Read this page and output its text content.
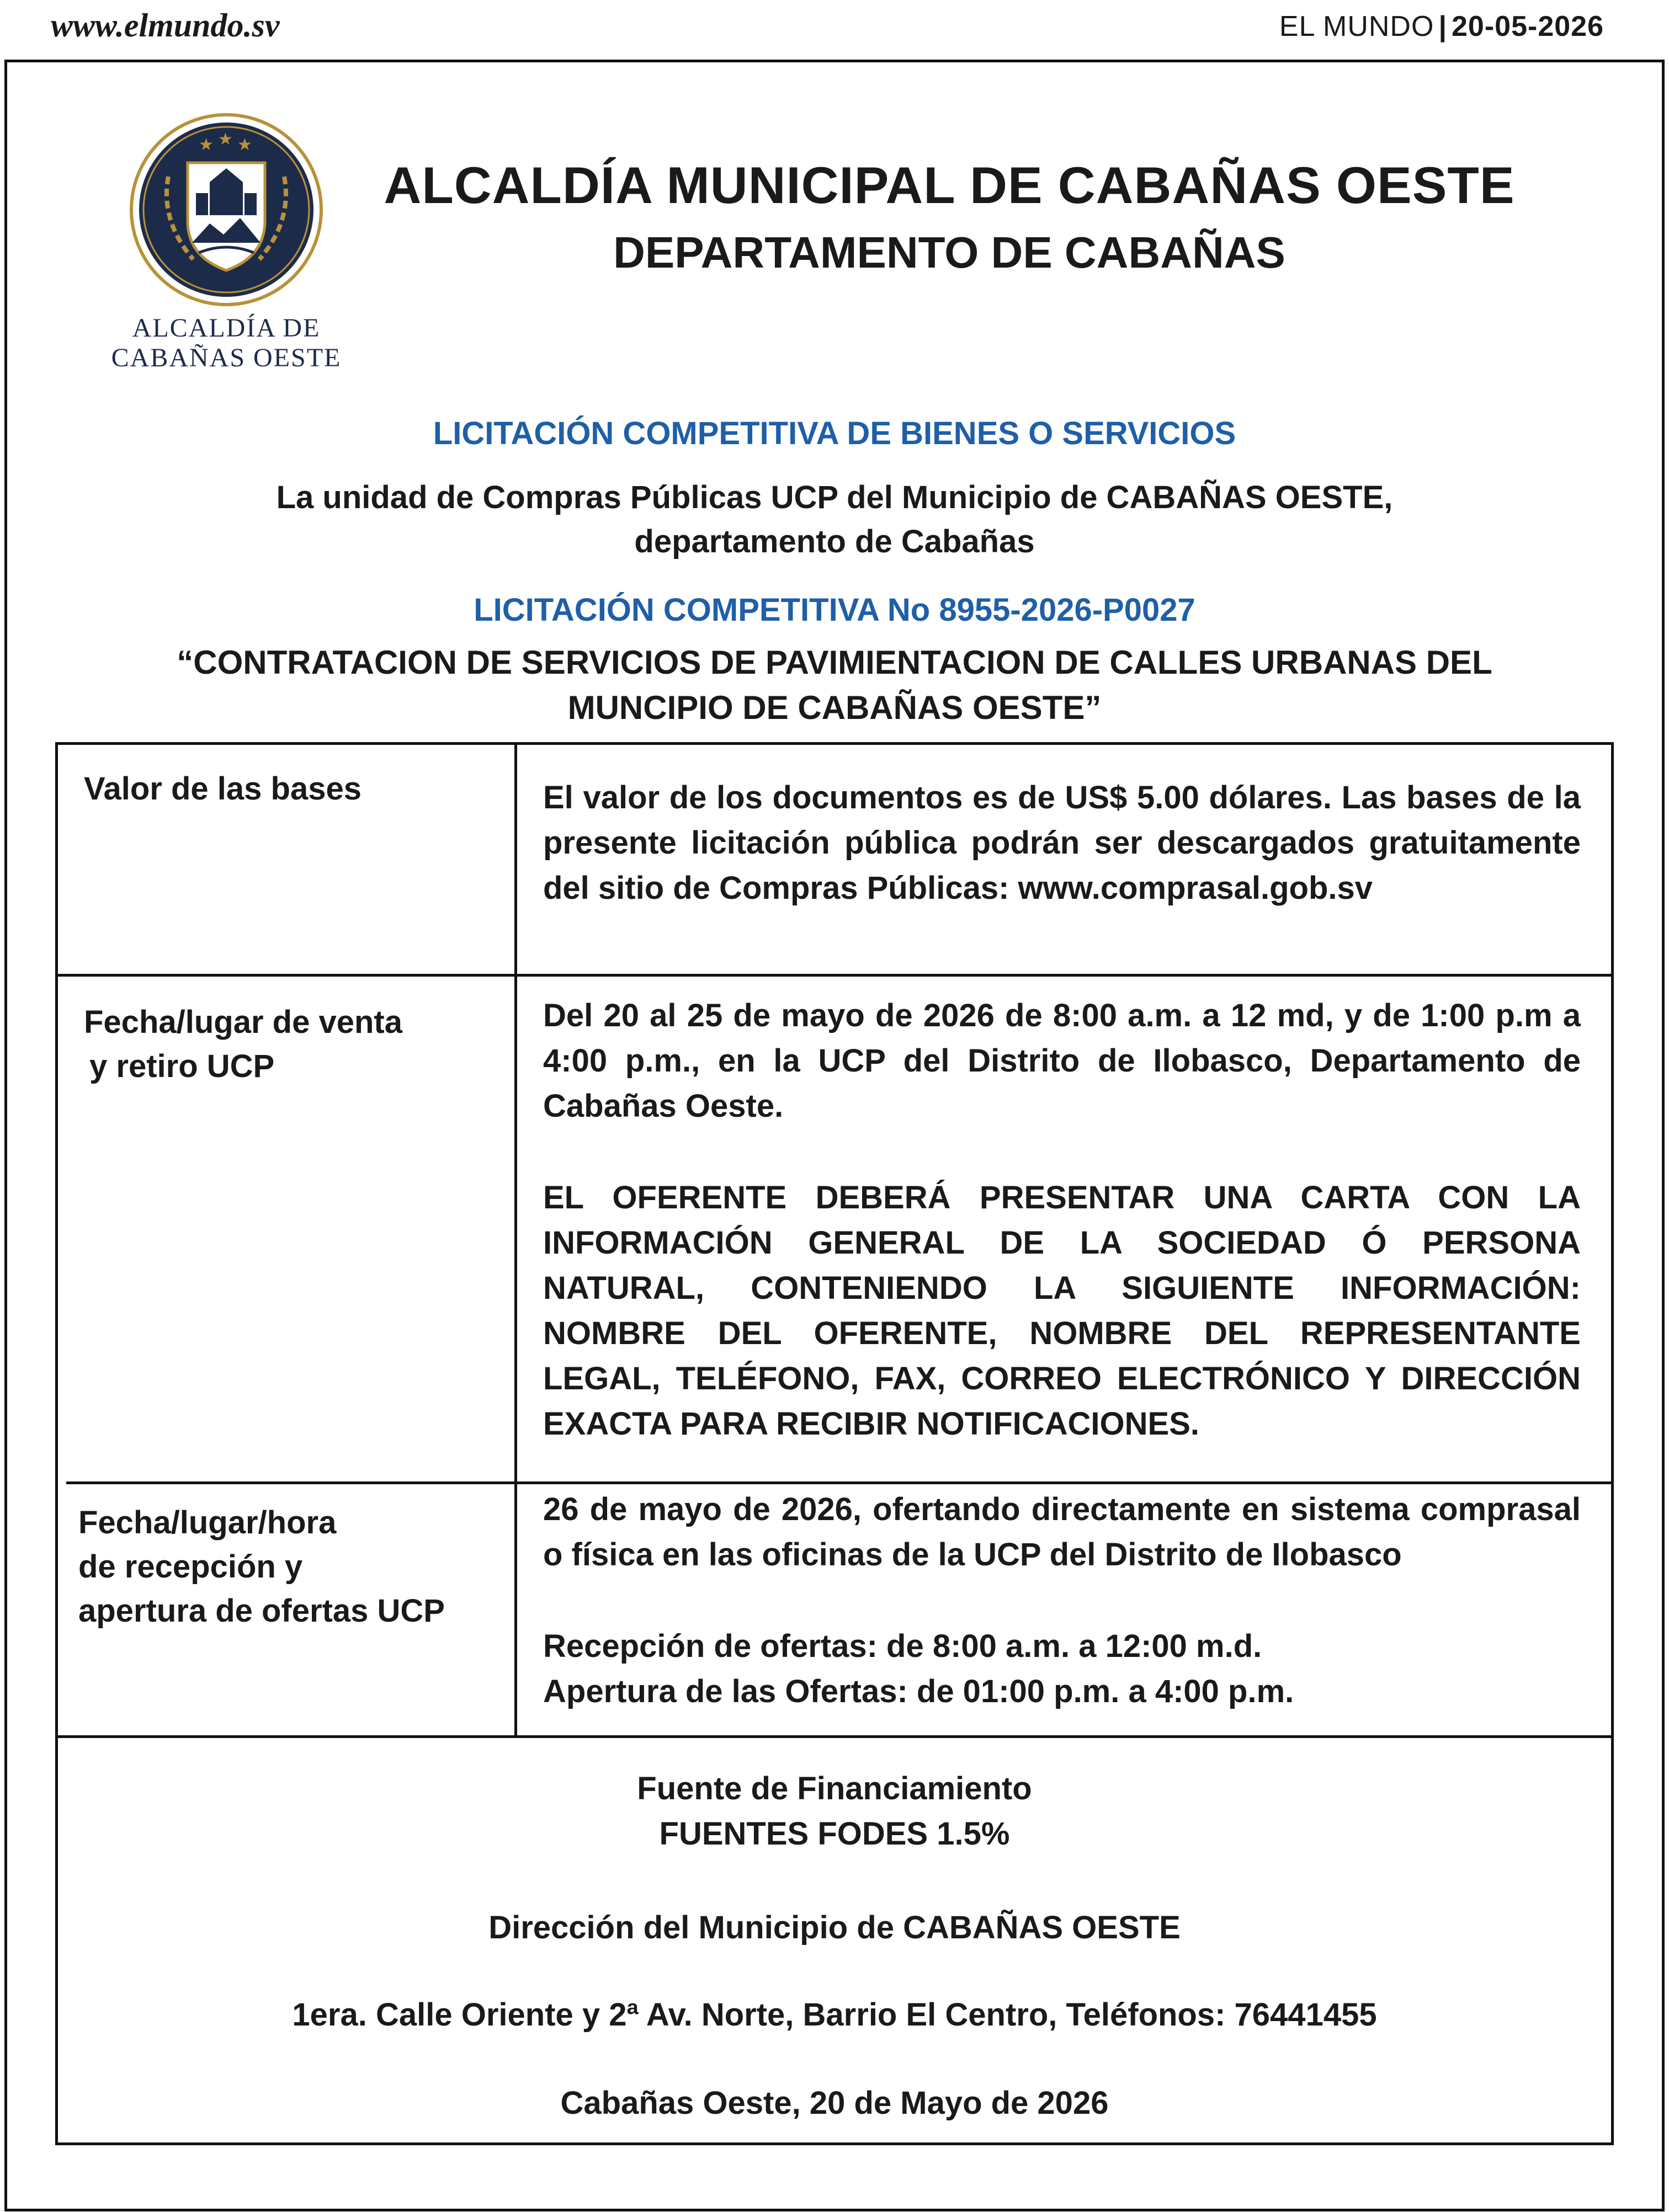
www.elmundo.sv	EL MUNDO | 20-05-2026
★ ★ ★
ALCALDÍA DE
CABAÑAS OESTE
ALCALDÍA MUNICIPAL DE CABAÑAS OESTE
DEPARTAMENTO DE CABAÑAS
LICITACIÓN COMPETITIVA DE BIENES O SERVICIOS
La unidad de Compras Públicas UCP del Municipio de CABAÑAS OESTE,
departamento de Cabañas
LICITACIÓN COMPETITIVA No 8955-2026-P0027
“CONTRATACION DE SERVICIOS DE PAVIMIENTACION DE CALLES URBANAS DEL
MUNCIPIO DE CABAÑAS OESTE”
Valor de las bases	El valor de los documentos es de US$ 5.00 dólares. Las bases de la presente licitación pública podrán ser descargados gratuitamente del sitio de Compras Públicas: www.comprasal.gob.sv
Fecha/lugar de venta
y retiro UCP
Del 20 al 25 de mayo de 2026 de 8:00 a.m. a 12 md, y de 1:00 p.m a 4:00 p.m., en la UCP del Distrito de Ilobasco, Departamento de Cabañas Oeste.
EL OFERENTE DEBERÁ PRESENTAR UNA CARTA CON LA INFORMACIÓN GENERAL DE LA SOCIEDAD Ó PERSONA NATURAL, CONTENIENDO LA SIGUIENTE INFORMACIÓN: NOMBRE DEL OFERENTE, NOMBRE DEL REPRESENTANTE LEGAL, TELÉFONO, FAX, CORREO ELECTRÓNICO Y DIRECCIÓN EXACTA PARA RECIBIR NOTIFICACIONES.
Fecha/lugar/hora
de recepción y
apertura de ofertas UCP
26 de mayo de 2026, ofertando directamente en sistema comprasal o física en las oficinas de la UCP del Distrito de Ilobasco
Recepción de ofertas: de 8:00 a.m. a 12:00 m.d.
Apertura de las Ofertas: de 01:00 p.m. a 4:00 p.m.
Fuente de Financiamiento
FUENTES FODES 1.5%
Dirección del Municipio de CABAÑAS OESTE
1era. Calle Oriente y 2ª Av. Norte, Barrio El Centro, Teléfonos: 76441455
Cabañas Oeste, 20 de Mayo de 2026
